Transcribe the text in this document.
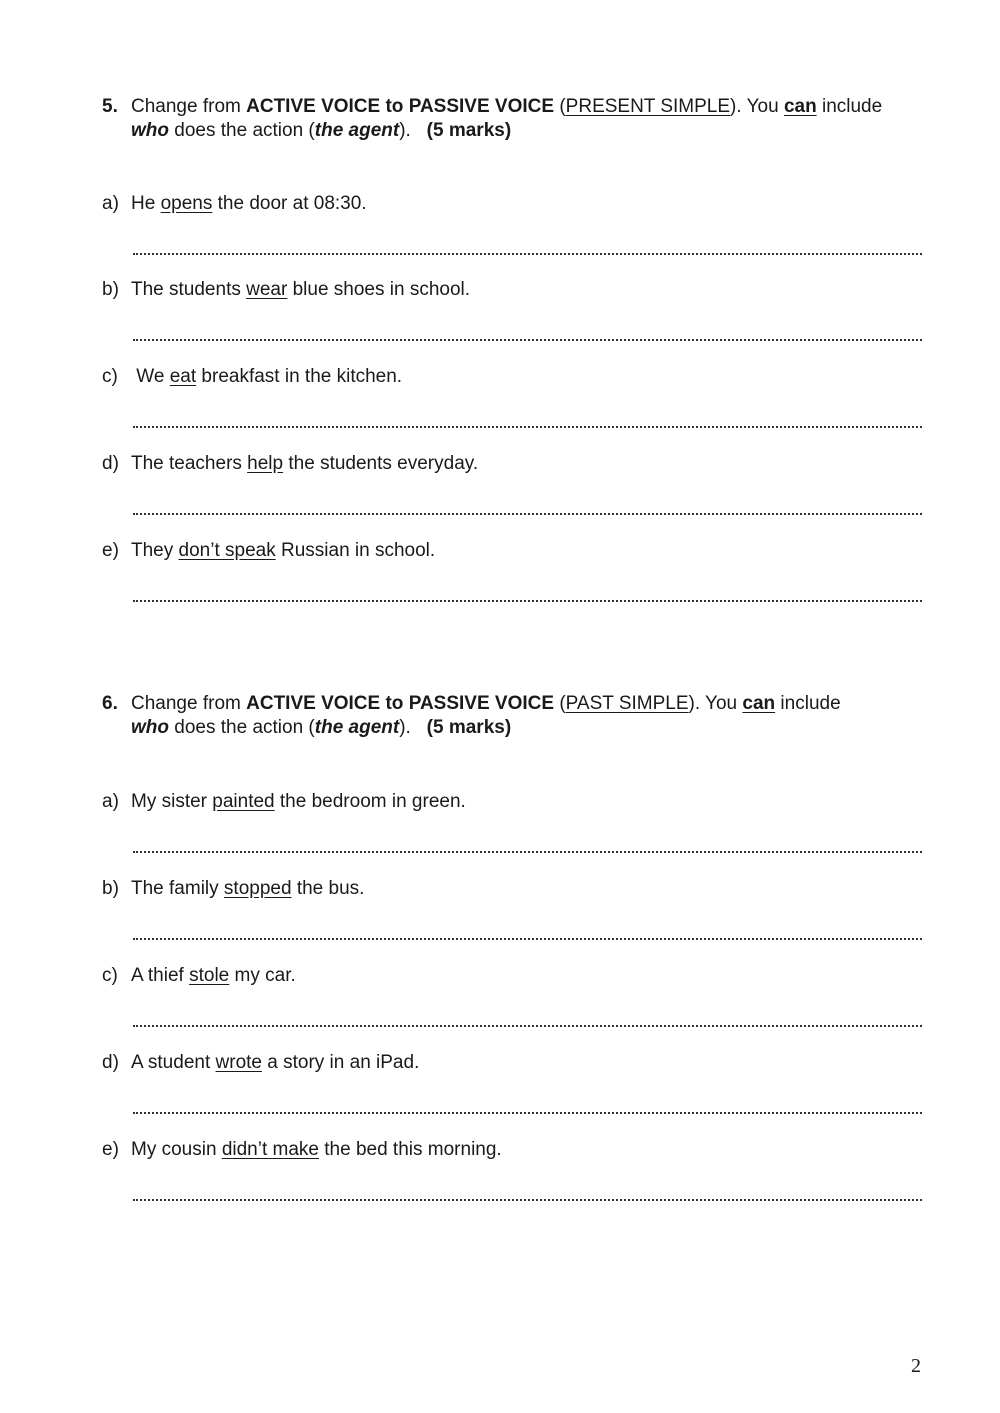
5. Change from ACTIVE VOICE to PASSIVE VOICE (PRESENT SIMPLE). You can include
who does the action (the agent).   (5 marks)
a) He opens the door at 08:30.
b) The students wear blue shoes in school.
c) We eat breakfast in the kitchen.
d) The teachers help the students everyday.
e) They don’t speak Russian in school.
6. Change from ACTIVE VOICE to PASSIVE VOICE (PAST SIMPLE). You can include
who does the action (the agent).   (5 marks)
a) My sister painted the bedroom in green.
b) The family stopped the bus.
c) A thief stole my car.
d) A student wrote a story in an iPad.
e) My cousin didn’t make the bed this morning.
2
